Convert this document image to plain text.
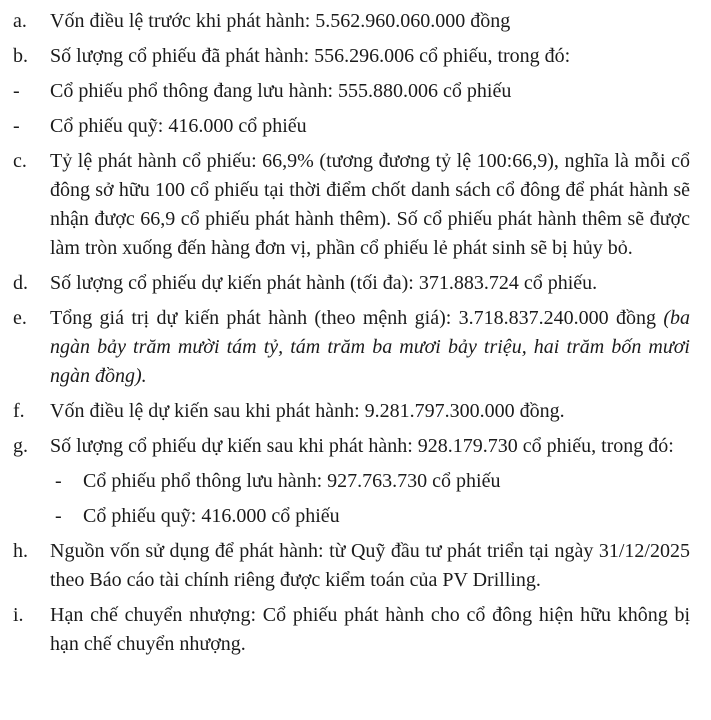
a. Vốn điều lệ trước khi phát hành: 5.562.960.060.000 đồng
b. Số lượng cổ phiếu đã phát hành: 556.296.006 cổ phiếu, trong đó:
- Cổ phiếu phổ thông đang lưu hành: 555.880.006 cổ phiếu
- Cổ phiếu quỹ: 416.000 cổ phiếu
c. Tỷ lệ phát hành cổ phiếu: 66,9% (tương đương tỷ lệ 100:66,9), nghĩa là mỗi cổ đông sở hữu 100 cổ phiếu tại thời điểm chốt danh sách cổ đông để phát hành sẽ nhận được 66,9 cổ phiếu phát hành thêm). Số cổ phiếu phát hành thêm sẽ được làm tròn xuống đến hàng đơn vị, phần cổ phiếu lẻ phát sinh sẽ bị hủy bỏ.
d. Số lượng cổ phiếu dự kiến phát hành (tối đa): 371.883.724 cổ phiếu.
e. Tổng giá trị dự kiến phát hành (theo mệnh giá): 3.718.837.240.000 đồng (ba ngàn bảy trăm mười tám tỷ, tám trăm ba mươi bảy triệu, hai trăm bốn mươi ngàn đồng).
f. Vốn điều lệ dự kiến sau khi phát hành: 9.281.797.300.000 đồng.
g. Số lượng cổ phiếu dự kiến sau khi phát hành: 928.179.730 cổ phiếu, trong đó:
- Cổ phiếu phổ thông lưu hành: 927.763.730 cổ phiếu
- Cổ phiếu quỹ: 416.000 cổ phiếu
h. Nguồn vốn sử dụng để phát hành: từ Quỹ đầu tư phát triển tại ngày 31/12/2025 theo Báo cáo tài chính riêng được kiểm toán của PV Drilling.
i. Hạn chế chuyển nhượng: Cổ phiếu phát hành cho cổ đông hiện hữu không bị hạn chế chuyển nhượng.
